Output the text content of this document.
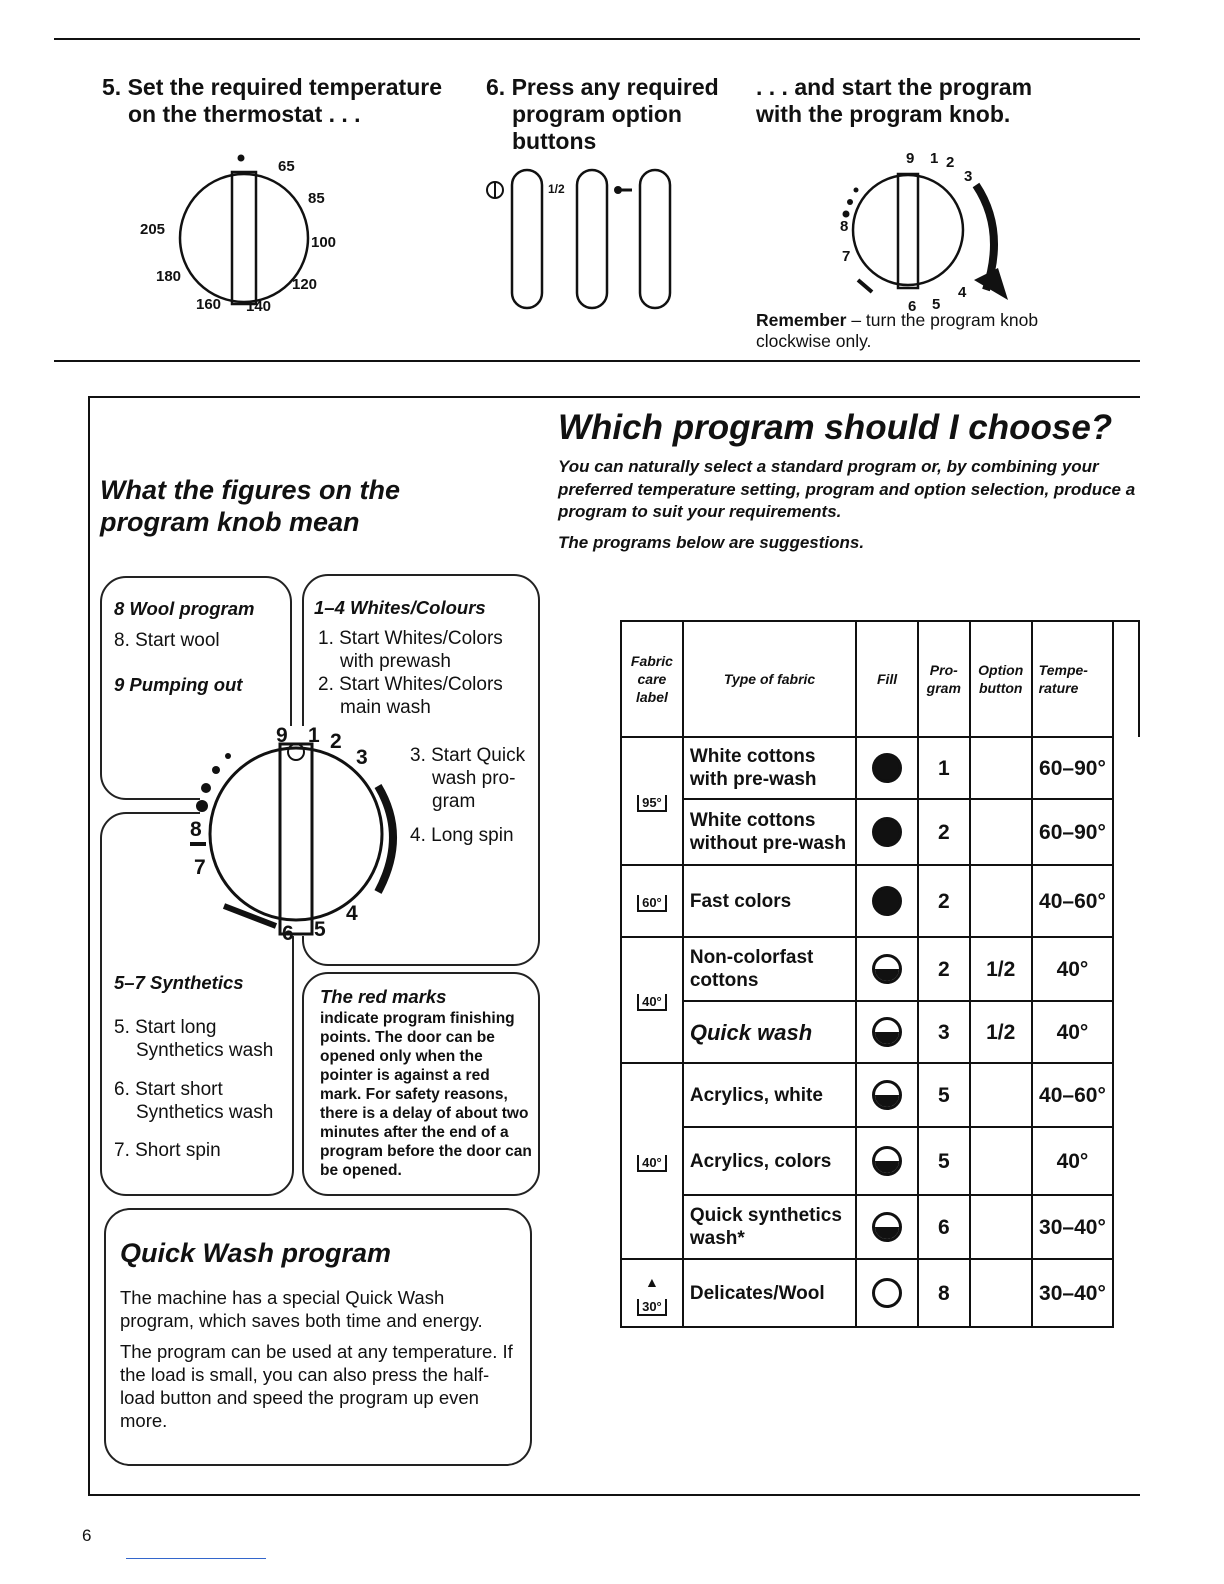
5. Set the required temperature
on the thermostat . . .
6. Press any required
program option
buttons
. . . and start the program
with the program knob.
65
85
100
120
140
160
180
205
1/2
9 1 2
3
4
5
6
7
8
Remember – turn the program knob clockwise only.
What the figures on the
program knob mean
Which program should I choose?
You can naturally select a standard program or, by combining your preferred temperature setting, program and option selection, produce a program to suit your requirements.
The programs below are suggestions.
8 Wool program
8. Start wool
9 Pumping out
1–4 Whites/Colours
1. Start Whites/Colors
with prewash
2. Start Whites/Colors
main wash
3. Start Quick
wash pro-
gram
4. Long spin
5–7 Synthetics
5. Start long
Synthetics wash
6. Start short
Synthetics wash
7. Short spin
The red marks
indicate program finishing points. The door can be opened only when the pointer is against a red mark. For safety reasons, there is a delay of about two minutes after the end of a program before the door can be opened.
9 1 2
3
4
5
6
7
8
Quick Wash program
The machine has a special Quick Wash program, which saves both time and energy.
The program can be used at any temperature. If the load is small, you can also press the half-load button and speed the program up even more.
Fabric care label	Type of fabric	Fill	Pro-gram	Option button	Tempe-rature	
95°	White cottons with pre-wash		1		60–90°	
	White cottons without pre-wash		2		60–90°	
60°	Fast colors		2		40–60°	
40°	Non-colorfast cottons		2	1/2	40°	
	Quick wash		3	1/2	40°	
40°	Acrylics, white		5		40–60°	
	Acrylics, colors		5		40°	
	Quick synthetics wash*		6		30–40°	
▲
30°	Delicates/Wool		8		30–40°	
6
